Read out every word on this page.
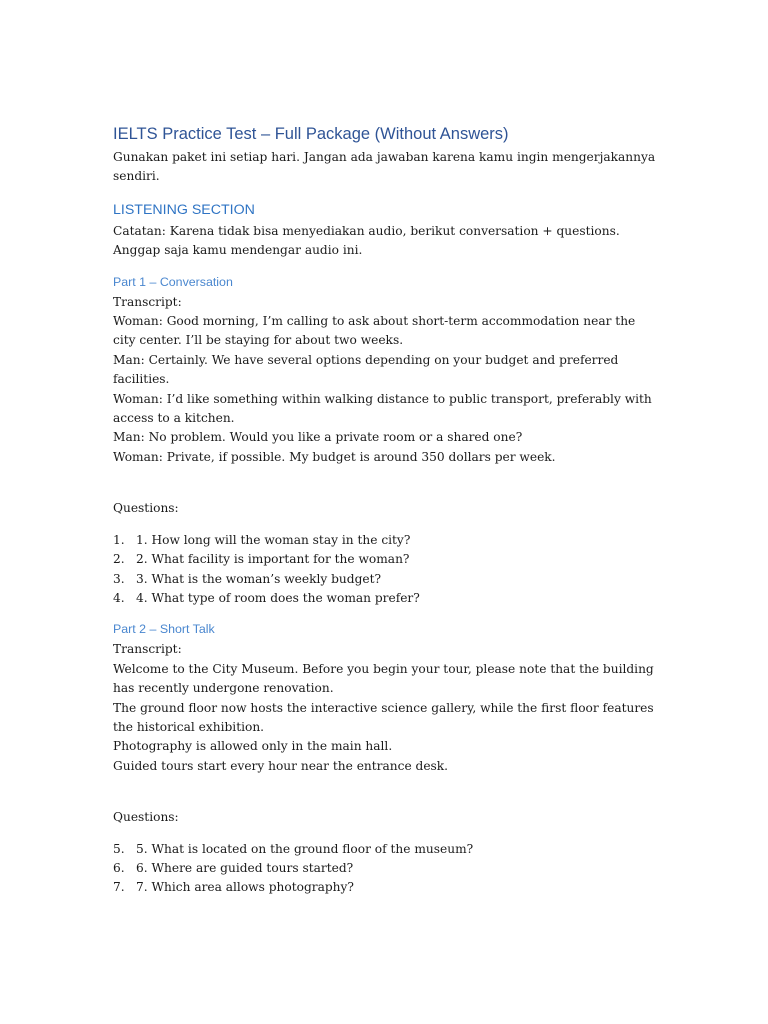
IELTS Practice Test – Full Package (Without Answers)

Gunakan paket ini setiap hari. Jangan ada jawaban karena kamu ingin mengerjakannya sendiri.

LISTENING SECTION

Catatan: Karena tidak bisa menyediakan audio, berikut conversation + questions. Anggap saja kamu mendengar audio ini.

Part 1 – Conversation

Transcript:

Woman: Good morning, I’m calling to ask about short-term accommodation near the city center. I’ll be staying for about two weeks.
Man: Certainly. We have several options depending on your budget and preferred facilities.
Woman: I’d like something within walking distance to public transport, preferably with access to a kitchen.
Man: No problem. Would you like a private room or a shared one?
Woman: Private, if possible. My budget is around 350 dollars per week.

Questions:

1. 1. How long will the woman stay in the city?
2. 2. What facility is important for the woman?
3. 3. What is the woman’s weekly budget?
4. 4. What type of room does the woman prefer?
Part 2 – Short Talk

Transcript:

Welcome to the City Museum. Before you begin your tour, please note that the building has recently undergone renovation.
The ground floor now hosts the interactive science gallery, while the first floor features the historical exhibition.
Photography is allowed only in the main hall.
Guided tours start every hour near the entrance desk.

Questions:

5. 5. What is located on the ground floor of the museum?
6. 6. Where are guided tours started?
7. 7. Which area allows photography?
